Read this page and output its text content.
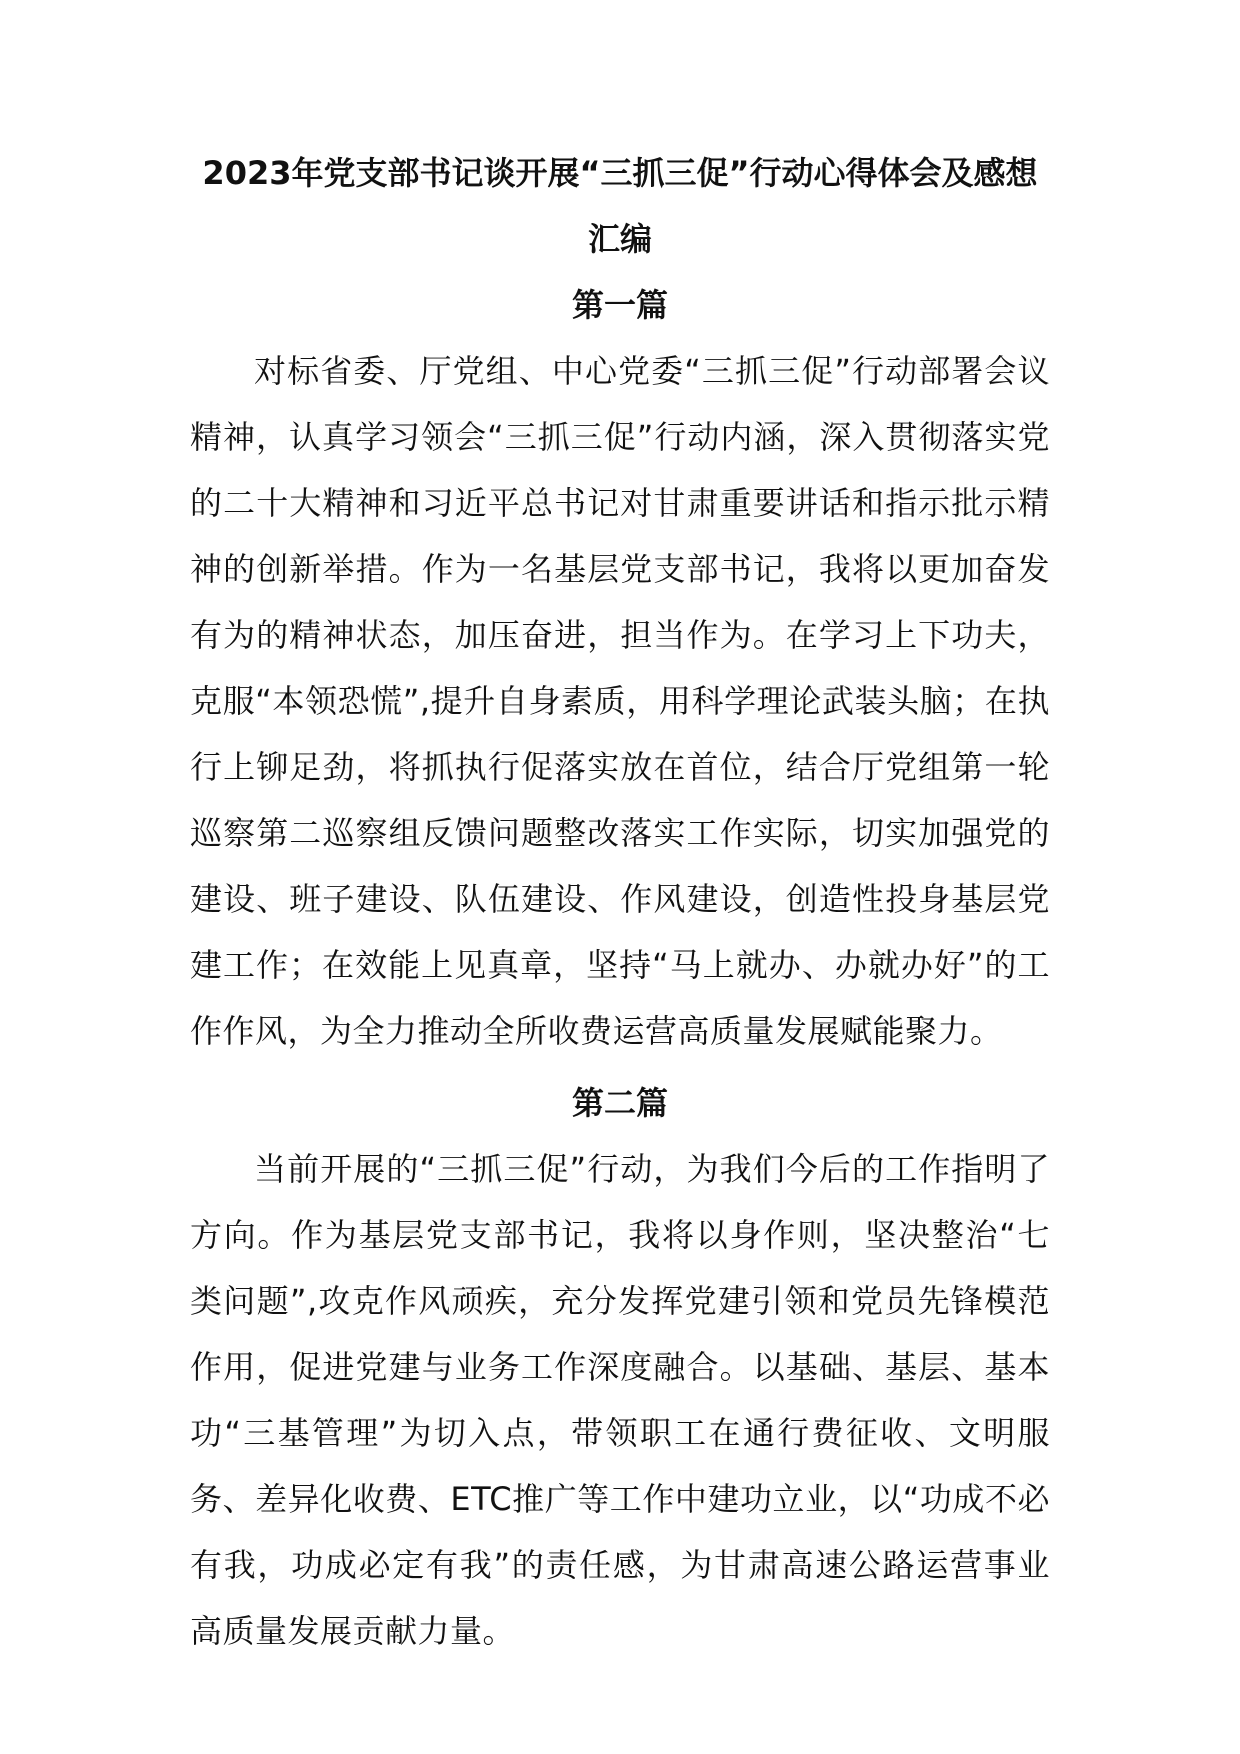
2023年党支部书记谈开展“三抓三促”行动心得体会及感想汇编
第一篇

对标省委、厅党组、中心党委“三抓三促”行动部署会议精神，认真学习领会“三抓三促”行动内涵，深入贯彻落实党的二十大精神和习近平总书记对甘肃重要讲话和指示批示精神的创新举措。作为一名基层党支部书记，我将以更加奋发有为的精神状态，加压奋进，担当作为。在学习上下功夫，克服“本领恐慌”,提升自身素质，用科学理论武装头脑；在执行上铆足劲，将抓执行促落实放在首位，结合厅党组第一轮巡察第二巡察组反馈问题整改落实工作实际，切实加强党的建设、班子建设、队伍建设、作风建设，创造性投身基层党建工作；在效能上见真章，坚持“马上就办、办就办好”的工作作风，为全力推动全所收费运营高质量发展赋能聚力。

第二篇

当前开展的“三抓三促”行动，为我们今后的工作指明了方向。作为基层党支部书记，我将以身作则，坚决整治“七类问题”,攻克作风顽疾，充分发挥党建引领和党员先锋模范作用，促进党建与业务工作深度融合。以基础、基层、基本功“三基管理”为切入点，带领职工在通行费征收、文明服务、差异化收费、ETC推广等工作中建功立业，以“功成不必有我，功成必定有我”的责任感，为甘肃高速公路运营事业高质量发展贡献力量。
